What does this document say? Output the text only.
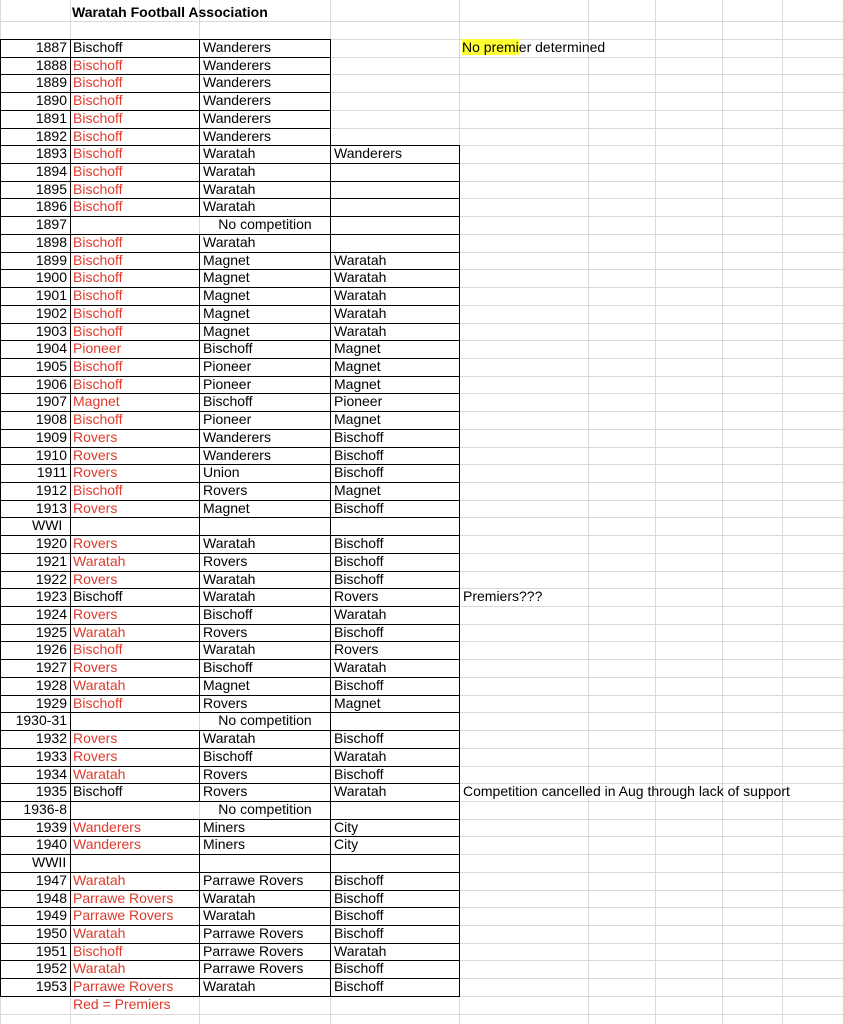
Waratah Football Association
No premier determined
1887 Bischoff	Wanderers
1888 Bischoff	Wanderers
1889 Bischoff	Wanderers
1890 Bischoff	Wanderers
1891 Bischoff	Wanderers
1892 Bischoff	Wanderers
1893 Bischoff	Waratah	Wanderers
1894 Bischoff	Waratah
1895 Bischoff	Waratah
1896 Bischoff	Waratah
1897	No competition
1898 Bischoff	Waratah
1899 Bischoff	Magnet	Waratah
1900 Bischoff	Magnet	Waratah
1901 Bischoff	Magnet	Waratah
1902 Bischoff	Magnet	Waratah
1903 Bischoff	Magnet	Waratah
1904 Pioneer	Bischoff	Magnet
1905 Bischoff	Pioneer	Magnet
1906 Bischoff	Pioneer	Magnet
1907 Magnet	Bischoff	Pioneer
1908 Bischoff	Pioneer	Magnet
1909 Rovers	Wanderers	Bischoff
1910 Rovers	Wanderers	Bischoff
1911 Rovers	Union	Bischoff
1912 Bischoff	Rovers	Magnet
1913 Rovers	Magnet	Bischoff
WWI
1920 Rovers	Waratah	Bischoff
1921 Waratah	Rovers	Bischoff
1922 Rovers	Waratah	Bischoff
1923 Bischoff	Waratah	Rovers	Premiers???
1924 Rovers	Bischoff	Waratah
1925 Waratah	Rovers	Bischoff
1926 Bischoff	Waratah	Rovers
1927 Rovers	Bischoff	Waratah
1928 Waratah	Magnet	Bischoff
1929 Bischoff	Rovers	Magnet
1930-31	No competition
1932 Rovers	Waratah	Bischoff
1933 Rovers	Bischoff	Waratah
1934 Waratah	Rovers	Bischoff
1935 Bischoff	Rovers	Waratah	Competition cancelled in Aug through lack of support
1936-8	No competition
1939 Wanderers	Miners	City
1940 Wanderers	Miners	City
WWII
1947 Waratah	Parrawe Rovers	Bischoff
1948 Parrawe Rovers	Waratah	Bischoff
1949 Parrawe Rovers	Waratah	Bischoff
1950 Waratah	Parrawe Rovers	Bischoff
1951 Bischoff	Parrawe Rovers	Waratah
1952 Waratah	Parrawe Rovers	Bischoff
1953 Parrawe Rovers	Waratah	Bischoff
Red = Premiers
